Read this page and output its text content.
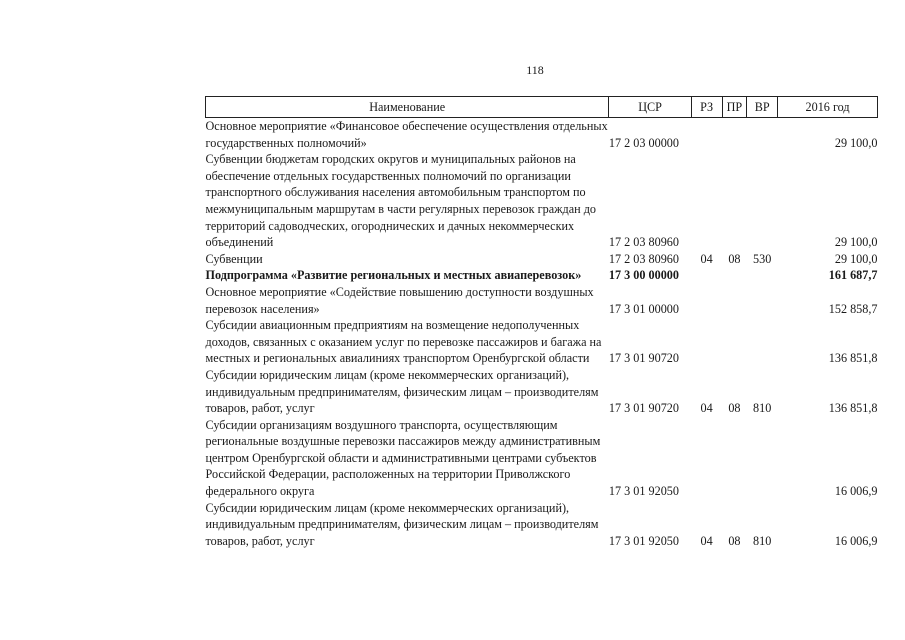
118
Наименование	ЦСР	РЗ	ПР	ВР	2016 год
Основное мероприятие «Финансовое обеспечение осуществления отдельных государственных полномочий»	17 2 03 00000				29 100,0
Субвенции бюджетам городских округов и муниципальных районов на обеспечение отдельных государственных полномочий по организации транспортного обслуживания населения автомобильным транспортом по межмуниципальным маршрутам в части регулярных перевозок граждан до территорий садоводческих, огороднических и дачных некоммерческих объединений	17 2 03 80960				29 100,0
Субвенции	17 2 03 80960	04	08	530	29 100,0
Подпрограмма «Развитие региональных и местных авиаперевозок»	17 3 00 00000				161 687,7
Основное мероприятие «Содействие повышению доступности воздушных перевозок населения»	17 3 01 00000				152 858,7
Субсидии авиационным предприятиям на возмещение недополученных доходов, связанных с оказанием услуг по перевозке пассажиров и багажа на местных и региональных авиалиниях транспортом Оренбургской области	17 3 01 90720				136 851,8
Субсидии юридическим лицам (кроме некоммерческих организаций), индивидуальным предпринимателям, физическим лицам – производителям товаров, работ, услуг	17 3 01 90720	04	08	810	136 851,8
Субсидии организациям воздушного транспорта, осуществляющим региональные воздушные перевозки пассажиров между административным центром Оренбургской области и административными центрами субъектов Российской Федерации, расположенных на территории Приволжского федерального округа	17 3 01 92050				16 006,9
Субсидии юридическим лицам (кроме некоммерческих организаций), индивидуальным предпринимателям, физическим лицам – производителям товаров, работ, услуг	17 3 01 92050	04	08	810	16 006,9
